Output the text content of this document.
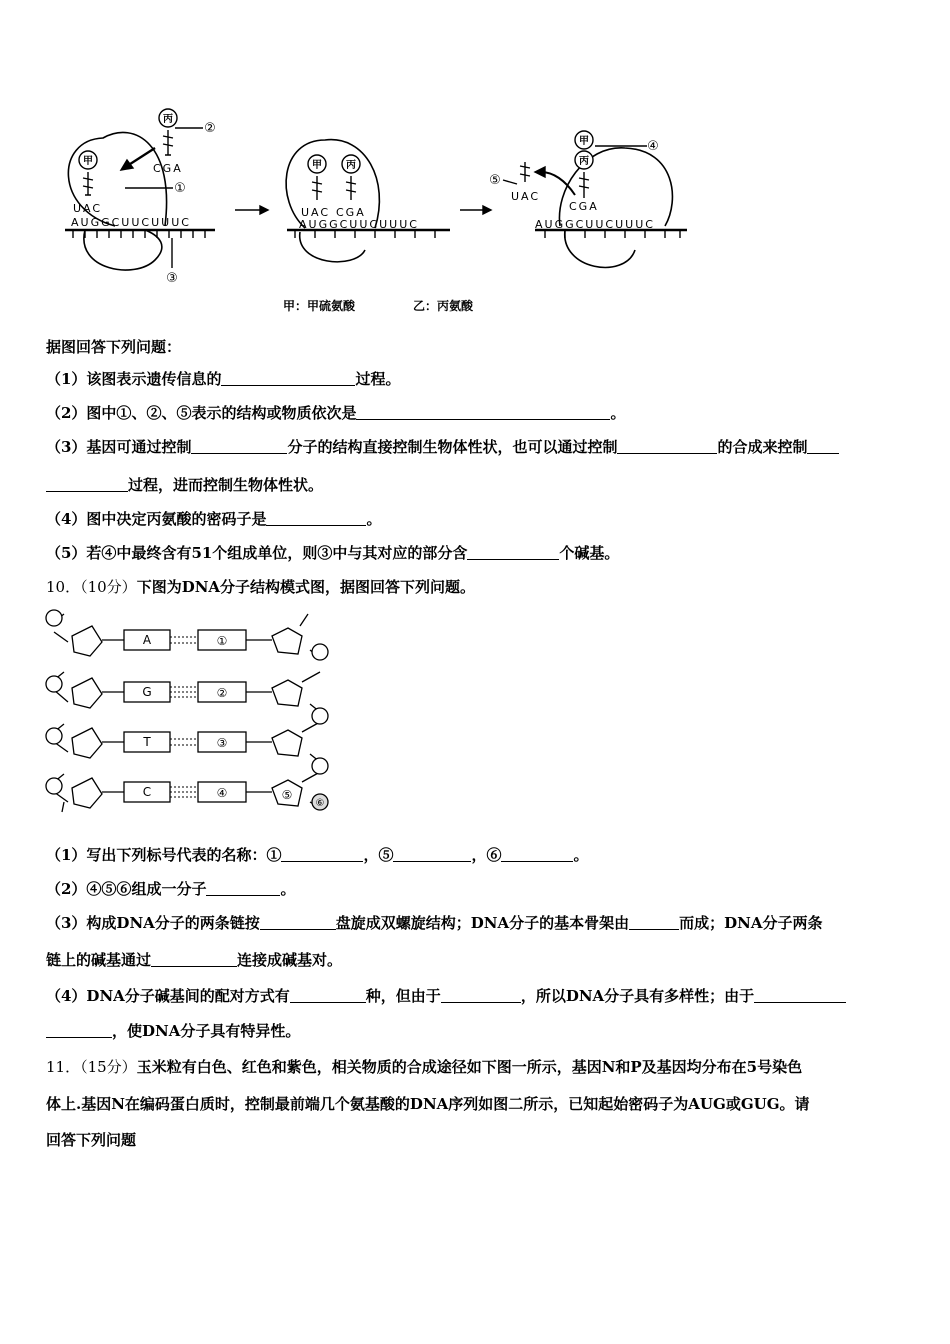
甲
丙
甲 丙
甲
丙
②
①
③
④
⑤
CGA
UAC	UAC CGA
UAC
CGA
AUGGCUUCUUUC	AUGGCUUCUUUC	AUGGCUUCUUUC
甲：甲硫氨酸	乙：丙氨酸
据图回答下列问题：
（1）该图表示遗传信息的	过程。
（2）图中①、②、⑤表示的结构或物质依次是	。
（3）基因可通过控制	分子的结构直接控制生物体性状，也可以通过控制	的合成来控制
过程，进而控制生物体性状。
（4）图中决定丙氨酸的密码子是	。
（5）若④中最终含有51个组成单位，则③中与其对应的部分含	个碱基。
10．（10分）下图为DNA分子结构模式图，据图回答下列问题。
A
G
T
C
①
②
③
④	⑤
⑥
（1）写出下列标号代表的名称：①	，⑤	，⑥	。
（2）④⑤⑥组成一分子	。
（3）构成DNA分子的两条链按	盘旋成双螺旋结构；DNA分子的基本骨架由	而成；DNA分子两条
链上的碱基通过	连接成碱基对。
（4）DNA分子碱基间的配对方式有	种，但由于	，所以DNA分子具有多样性；由于
，使DNA分子具有特异性。
11．（15分）玉米粒有白色、红色和紫色，相关物质的合成途径如下图一所示，基因N和P及基因均分布在5号染色
体上.基因N在编码蛋白质时，控制最前端几个氨基酸的DNA序列如图二所示，已知起始密码子为AUG或GUG。请
回答下列问题
